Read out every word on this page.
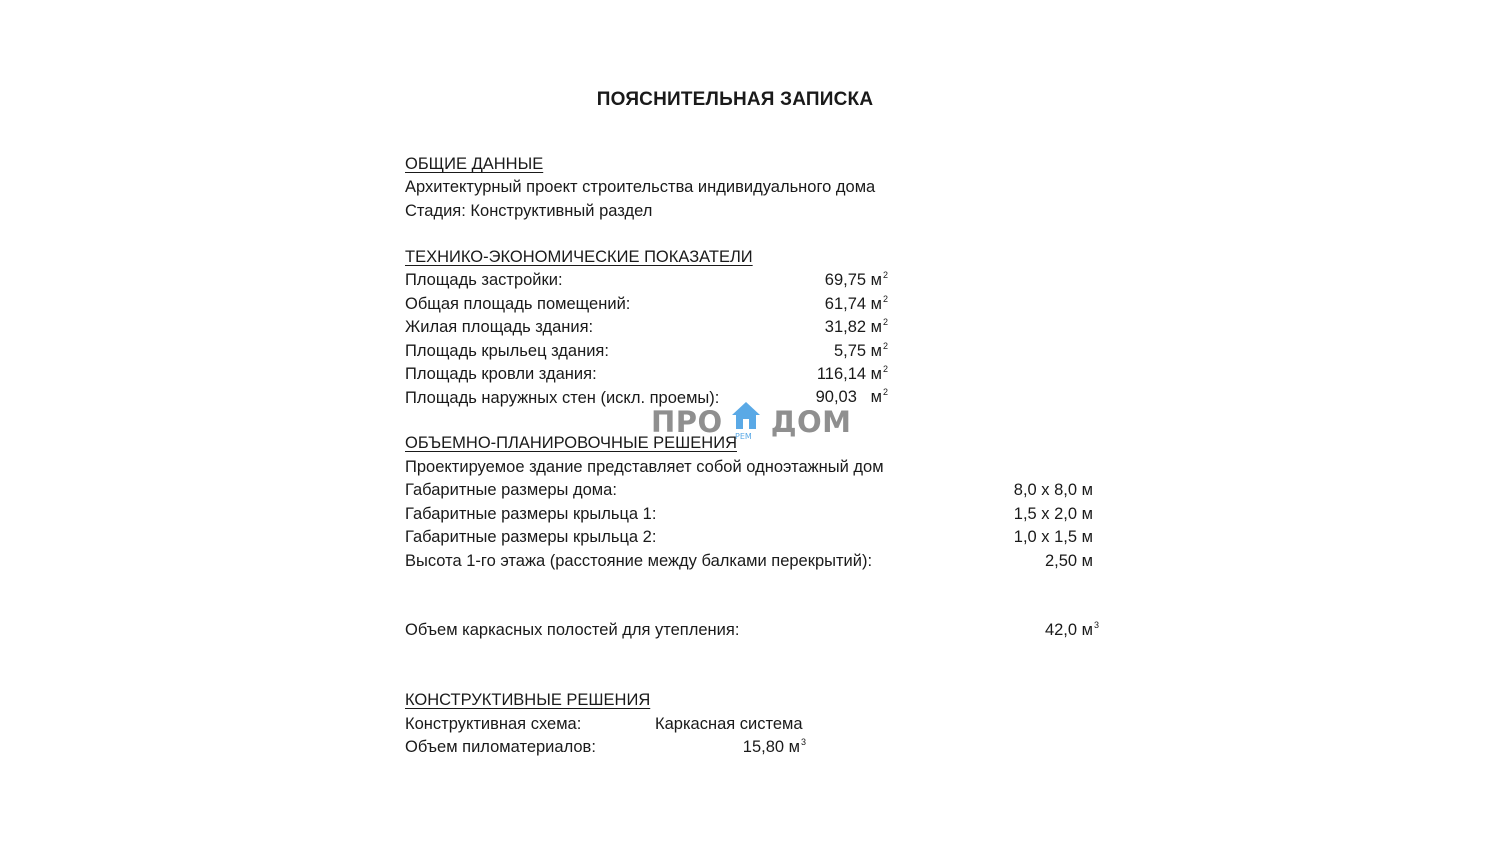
ПОЯСНИТЕЛЬНАЯ ЗАПИСКА
ОБЩИЕ ДАННЫЕ
Архитектурный проект строительства индивидуального дома
Стадия: Конструктивный раздел
ТЕХНИКО-ЭКОНОМИЧЕСКИЕ ПОКАЗАТЕЛИ
Площадь застройки:	69,75 $м^2$
Общая площадь помещений:	61,74 $м^2$
Жилая площадь здания:	31,82 $м^2$
Площадь крыльец здания:	5,75 $м^2$
Площадь кровли здания:	116,14 $м^2$
Площадь наружных стен (искл. проемы):	90,03   $м^2$
ПРО ДОМ
РЕМ
ОБЪЕМНО-ПЛАНИРОВОЧНЫЕ РЕШЕНИЯ
Проектируемое здание представляет собой одноэтажный дом
Габаритные размеры дома:	8,0 х 8,0 м
Габаритные размеры крыльца 1:	1,5 х 2,0 м
Габаритные размеры крыльца 2:	1,0 х 1,5 м
Высота 1-го этажа (расстояние между балками перекрытий):	2,50 м
Объем каркасных полостей для утепления:	42,0 $м^3$
КОНСТРУКТИВНЫЕ РЕШЕНИЯ
Конструктивная схема:	Каркасная система
Объем пиломатериалов:	15,80 $м^3$
